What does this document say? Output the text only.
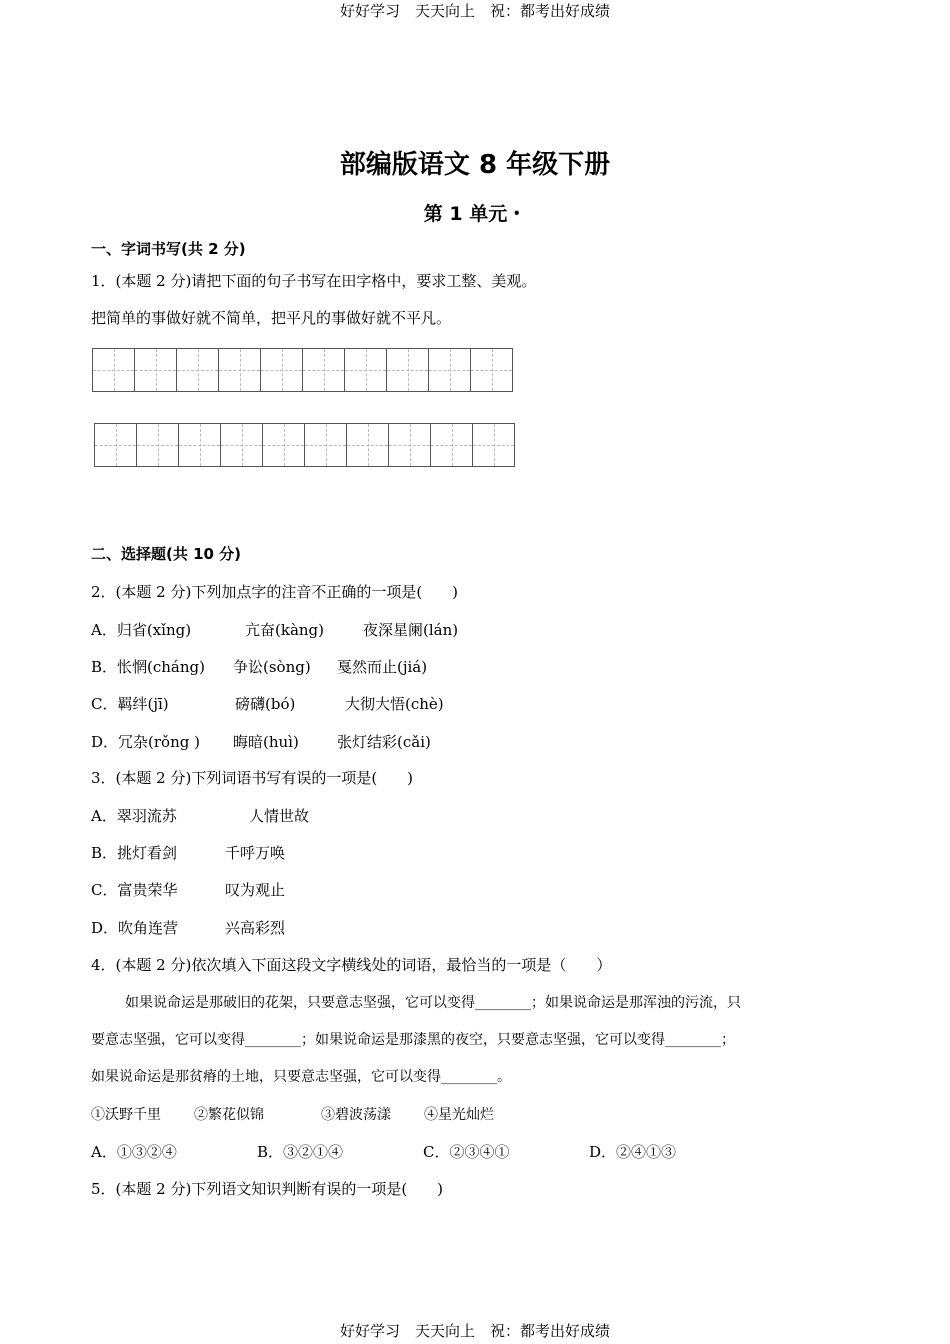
好好学习　天天向上　祝：都考出好成绩
部编版语文 8 年级下册
第 1 单元・
一、字词书写(共 2 分)
1．(本题 2 分)请把下面的句子书写在田字格中，要求工整、美观。
把简单的事做好就不简单，把平凡的事做好就不平凡。
二、选择题(共 10 分)
2．(本题 2 分)下列加点字的注音不正确的一项是(　　)
A．归省(xǐng)	亢奋(kàng)	夜深星阑(lán)
B．怅惘(cháng) 争讼(sòng) 戛然而止(jiá)
C．羁绊(jī)	磅礴(bó)	大彻大悟(chè)
D．冗杂(rǒng ) 晦暗(huì)	张灯结彩(cǎi)
3．(本题 2 分)下列词语书写有误的一项是(　　)
A．翠羽流苏	人情世故
B．挑灯看剑	千呼万唤
C．富贵荣华	叹为观止
D．吹角连营	兴高彩烈
4．(本题 2 分)依次填入下面这段文字横线处的词语，最恰当的一项是（　　）
如果说命运是那破旧的花架，只要意志坚强，它可以变得________；如果说命运是那浑浊的污流，只
要意志坚强，它可以变得________；如果说命运是那漆黑的夜空，只要意志坚强，它可以变得________；
如果说命运是那贫瘠的土地，只要意志坚强，它可以变得________。
①沃野千里 ②繁花似锦	③碧波荡漾 ④星光灿烂
A．①③②④	B．③②①④	C．②③④①	D．②④①③
5．(本题 2 分)下列语文知识判断有误的一项是(　　)
好好学习　天天向上　祝：都考出好成绩
